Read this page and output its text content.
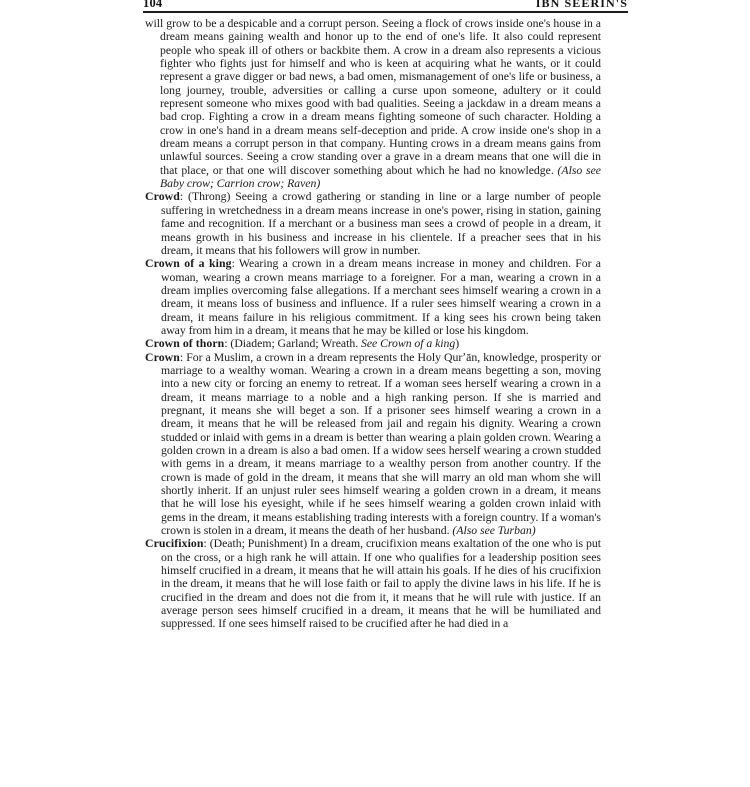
104	IBN SEERIN'S

will grow to be a despicable and a corrupt person. Seeing a flock of crows inside one's house in a dream means gaining wealth and honor up to the end of one's life. It also could represent people who speak ill of others or backbite them. A crow in a dream also represents a vicious fighter who fights just for himself and who is keen at acquiring what he wants, or it could represent a grave digger or bad news, a bad omen, mismanagement of one's life or business, a long journey, trouble, adversities or calling a curse upon someone, adultery or it could represent someone who mixes good with bad qualities. Seeing a jackdaw in a dream means a bad crop. Fighting a crow in a dream means fighting someone of such character. Holding a crow in one's hand in a dream means self-deception and pride. A crow inside one's shop in a dream means a corrupt person in that company. Hunting crows in a dream means gains from unlawful sources. Seeing a crow standing over a grave in a dream means that one will die in that place, or that one will discover something about which he had no knowledge. (Also see Baby crow; Carrion crow; Raven)

Crowd: (Throng) Seeing a crowd gathering or standing in line or a large number of people suffering in wretchedness in a dream means increase in one's power, rising in station, gaining fame and recognition. If a merchant or a business man sees a crowd of people in a dream, it means growth in his business and increase in his clientele. If a preacher sees that in his dream, it means that his followers will grow in number.

Crown of a king: Wearing a crown in a dream means increase in money and children. For a woman, wearing a crown means marriage to a foreigner. For a man, wearing a crown in a dream implies overcoming false allegations. If a merchant sees himself wearing a crown in a dream, it means loss of business and influence. If a ruler sees himself wearing a crown in a dream, it means failure in his religious commitment. If a king sees his crown being taken away from him in a dream, it means that he may be killed or lose his kingdom.

Crown of thorn: (Diadem; Garland; Wreath. See Crown of a king)

Crown: For a Muslim, a crown in a dream represents the Holy Qurʼān, knowledge, prosperity or marriage to a wealthy woman. Wearing a crown in a dream means begetting a son, moving into a new city or forcing an enemy to retreat. If a woman sees herself wearing a crown in a dream, it means marriage to a noble and a high ranking person. If she is married and pregnant, it means she will beget a son. If a prisoner sees himself wearing a crown in a dream, it means that he will be released from jail and regain his dignity. Wearing a crown studded or inlaid with gems in a dream is better than wearing a plain golden crown. Wearing a golden crown in a dream is also a bad omen. If a widow sees herself wearing a crown studded with gems in a dream, it means marriage to a wealthy person from another country. If the crown is made of gold in the dream, it means that she will marry an old man whom she will shortly inherit. If an unjust ruler sees himself wearing a golden crown in a dream, it means that he will lose his eyesight, while if he sees himself wearing a golden crown inlaid with gems in the dream, it means establishing trading interests with a foreign country. If a woman's crown is stolen in a dream, it means the death of her husband. (Also see Turban)

Crucifixion: (Death; Punishment) In a dream, crucifixion means exaltation of the one who is put on the cross, or a high rank he will attain. If one who qualifies for a leadership position sees himself crucified in a dream, it means that he will attain his goals. If he dies of his crucifixion in the dream, it means that he will lose faith or fail to apply the divine laws in his life. If he is crucified in the dream and does not die from it, it means that he will rule with justice. If an average person sees himself crucified in a dream, it means that he will be humiliated and suppressed. If one sees himself raised to be crucified after he had died in a
